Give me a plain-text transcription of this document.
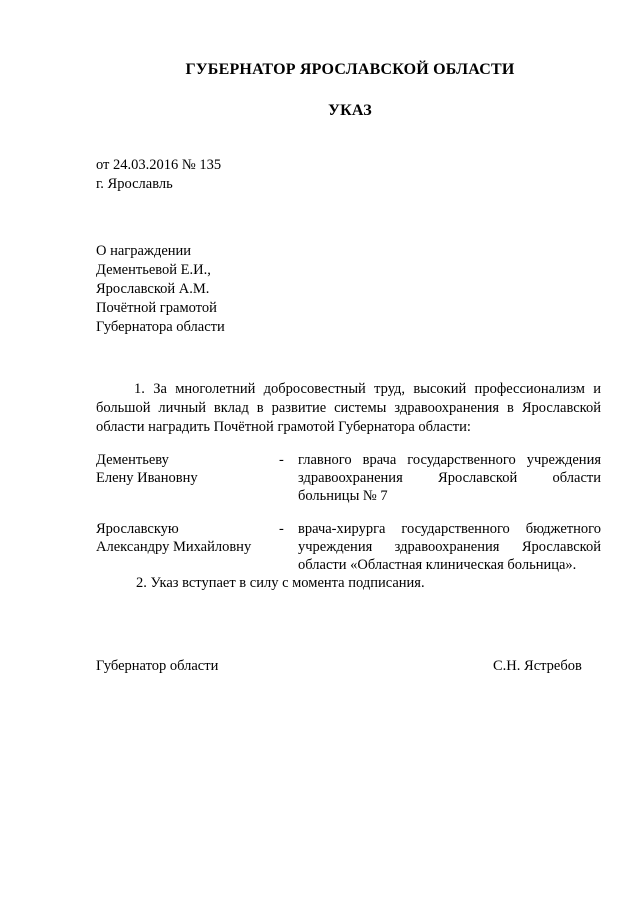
ГУБЕРНАТОР ЯРОСЛАВСКОЙ ОБЛАСТИ
УКАЗ
от 24.03.2016 № 135
г. Ярославль
О награждении
Дементьевой Е.И.,
Ярославской А.М.
Почётной грамотой
Губернатора области
1. За многолетний добросовестный труд, высокий профессионализм и большой личный вклад в развитие системы здравоохранения в Ярославской области наградить Почётной грамотой Губернатора области:
Дементьеву
Елену Ивановну
- главного врача государственного учреждения
здравоохранения Ярославской области
больницы № 7
Ярославскую
Александру Михайловну
- врача-хирурга государственного бюджетного
учреждения здравоохранения Ярославской
области «Областная клиническая больница».
2. Указ вступает в силу с момента подписания.
Губернатор области	С.Н. Ястребов
